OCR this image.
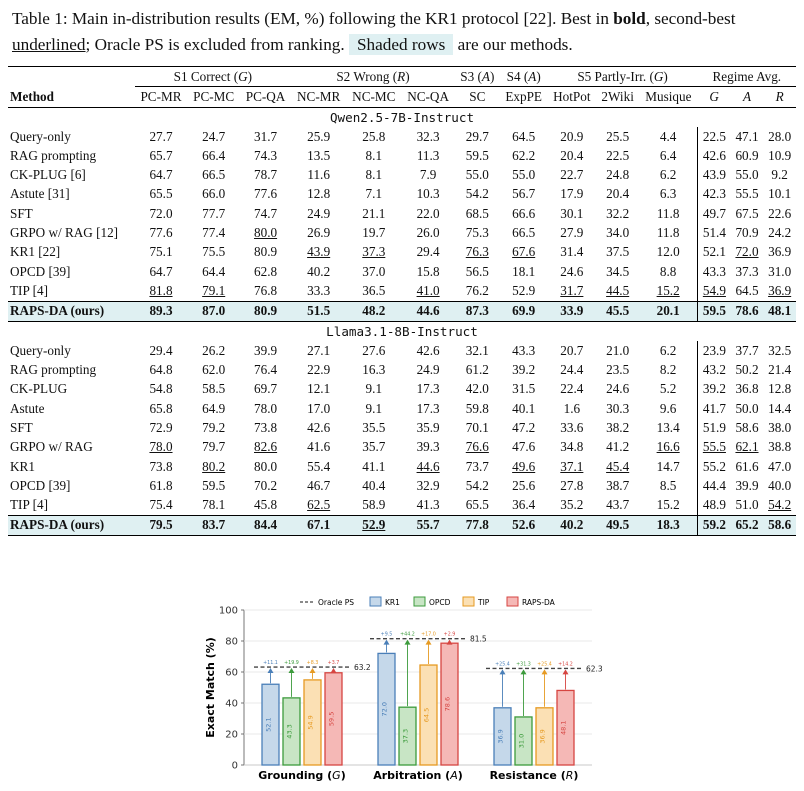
Table 1: Main in-distribution results (EM, %) following the KR1 protocol [22]. Best in bold, second-best underlined; Oracle PS is excluded from ranking. Shaded rows are our methods.
	S1 Correct (G)			S2 Wrong (R)			S3 (A)	S4 (A)	S5 Partly-Irr. (G)			Regime Avg.		
Method	PC-MR	PC-MC	PC-QA	NC-MR	NC-MC	NC-QA	SC	ExpPE	HotPot	2Wiki	Musique	G	A	R
Qwen2.5-7B-Instruct														
Query-only	27.7	24.7	31.7	25.9	25.8	32.3	29.7	64.5	20.9	25.5	4.4	22.5	47.1	28.0
RAG prompting	65.7	66.4	74.3	13.5	8.1	11.3	59.5	62.2	20.4	22.5	6.4	42.6	60.9	10.9
CK-PLUG [6]	64.7	66.5	78.7	11.6	8.1	7.9	55.0	55.0	22.7	24.8	6.2	43.9	55.0	9.2
Astute [31]	65.5	66.0	77.6	12.8	7.1	10.3	54.2	56.7	17.9	20.4	6.3	42.3	55.5	10.1
SFT	72.0	77.7	74.7	24.9	21.1	22.0	68.5	66.6	30.1	32.2	11.8	49.7	67.5	22.6
GRPO w/ RAG [12]	77.6	77.4	80.0	26.9	19.7	26.0	75.3	66.5	27.9	34.0	11.8	51.4	70.9	24.2
KR1 [22]	75.1	75.5	80.9	43.9	37.3	29.4	76.3	67.6	31.4	37.5	12.0	52.1	72.0	36.9
OPCD [39]	64.7	64.4	62.8	40.2	37.0	15.8	56.5	18.1	24.6	34.5	8.8	43.3	37.3	31.0
TIP [4]	81.8	79.1	76.8	33.3	36.5	41.0	76.2	52.9	31.7	44.5	15.2	54.9	64.5	36.9
RAPS-DA (ours)	89.3	87.0	80.9	51.5	48.2	44.6	87.3	69.9	33.9	45.5	20.1	59.5	78.6	48.1
Llama3.1-8B-Instruct														
Query-only	29.4	26.2	39.9	27.1	27.6	42.6	32.1	43.3	20.7	21.0	6.2	23.9	37.7	32.5
RAG prompting	64.8	62.0	76.4	22.9	16.3	24.9	61.2	39.2	24.4	23.5	8.2	43.2	50.2	21.4
CK-PLUG	54.8	58.5	69.7	12.1	9.1	17.3	42.0	31.5	22.4	24.6	5.2	39.2	36.8	12.8
Astute	65.8	64.9	78.0	17.0	9.1	17.3	59.8	40.1	1.6	30.3	9.6	41.7	50.0	14.4
SFT	72.9	79.2	73.8	42.6	35.5	35.9	70.1	47.2	33.6	38.2	13.4	51.9	58.6	38.0
GRPO w/ RAG	78.0	79.7	82.6	41.6	35.7	39.3	76.6	47.6	34.8	41.2	16.6	55.5	62.1	38.8
KR1	73.8	80.2	80.0	55.4	41.1	44.6	73.7	49.6	37.1	45.4	14.7	55.2	61.6	47.0
OPCD [39]	61.8	59.5	70.2	46.7	40.4	32.9	54.2	25.6	27.8	38.7	8.5	44.4	39.9	40.0
TIP [4]	75.4	78.1	45.8	62.5	58.9	41.3	65.5	36.4	35.2	43.7	15.2	48.9	51.0	54.2
RAPS-DA (ours)	79.5	83.7	84.4	67.1	52.9	55.7	77.8	52.6	40.2	49.5	18.3	59.2	65.2	58.6
0
20
40
60
80
100
Exact Match (%)
Oracle PS	KR1	OPCD	TIP	RAPS-DA
63.2
52.1
+11.1
43.3
+19.9
54.9
+8.3
59.5
+3.7
Grounding (G)
81.5
72.0
+9.5
37.3
+44.2
64.5
+17.0
78.6
+2.9
Arbitration (A)
62.3
36.9
+25.4
31.0
+31.3
36.9
+25.4
48.1
+14.2
Resistance (R)
